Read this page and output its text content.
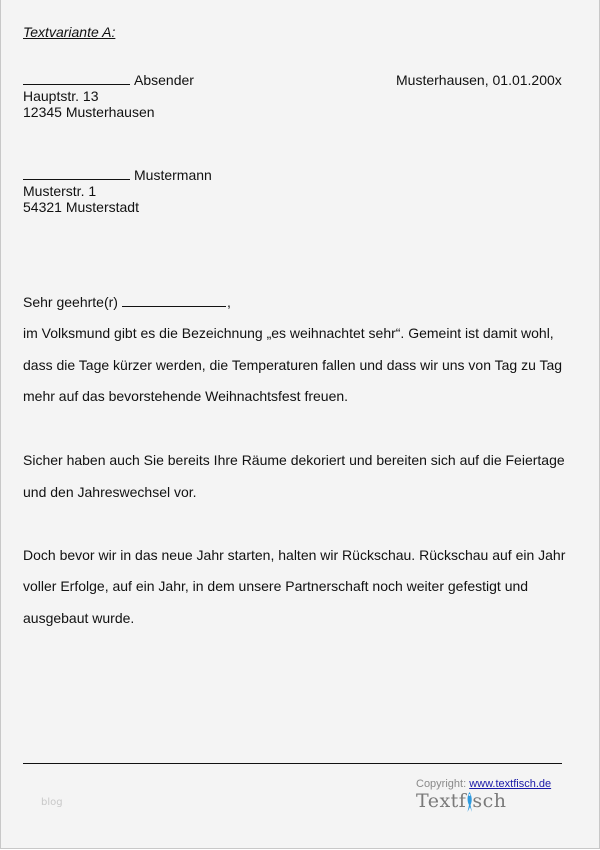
Textvariante A:
Absender
Hauptstr. 13
12345 Musterhausen
Musterhausen, 01.01.200x
Mustermann
Musterstr. 1
54321 Musterstadt
Sehr geehrte(r)	,
im Volksmund gibt es die Bezeichnung „es weihnachtet sehr“. Gemeint ist damit wohl,
dass die Tage kürzer werden, die Temperaturen fallen und dass wir uns von Tag zu Tag
mehr auf das bevorstehende Weihnachtsfest freuen.
Sicher haben auch Sie bereits Ihre Räume dekoriert und bereiten sich auf die Feiertage
und den Jahreswechsel vor.
Doch bevor wir in das neue Jahr starten, halten wir Rückschau. Rückschau auf ein Jahr
voller Erfolge, auf ein Jahr, in dem unsere Partnerschaft noch weiter gefestigt und
ausgebaut wurde.
Copyright: www.textfisch.de
Textf sch
blog
